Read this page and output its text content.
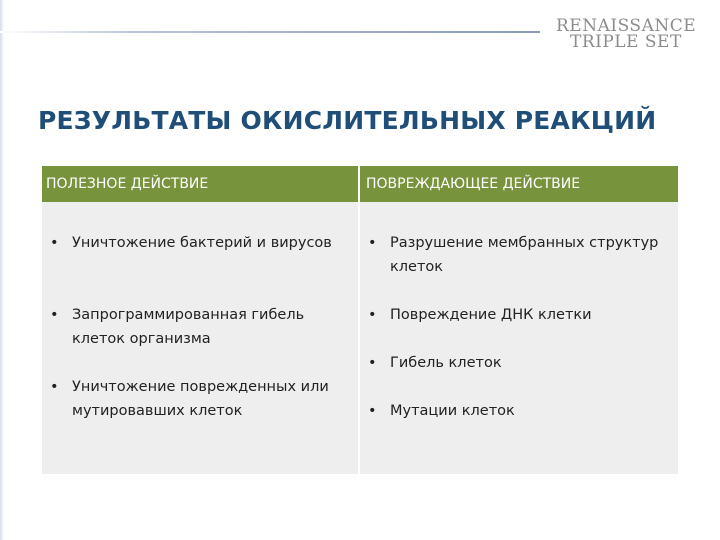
RENAISSANCE
TRIPLE SET
РЕЗУЛЬТАТЫ ОКИСЛИТЕЛЬНЫХ РЕАКЦИЙ
ПОЛЕЗНОЕ ДЕЙСТВИЕ	ПОВРЕЖДАЮЩЕЕ ДЕЙСТВИЕ
• Уничтожение бактерий и вирусов
• Запрограммированная гибель клеток организма
• Уничтожение поврежденных или мутировавших клеток
• Разрушение мембранных структур клеток
• Повреждение ДНК клетки
• Гибель клеток
• Мутации клеток
